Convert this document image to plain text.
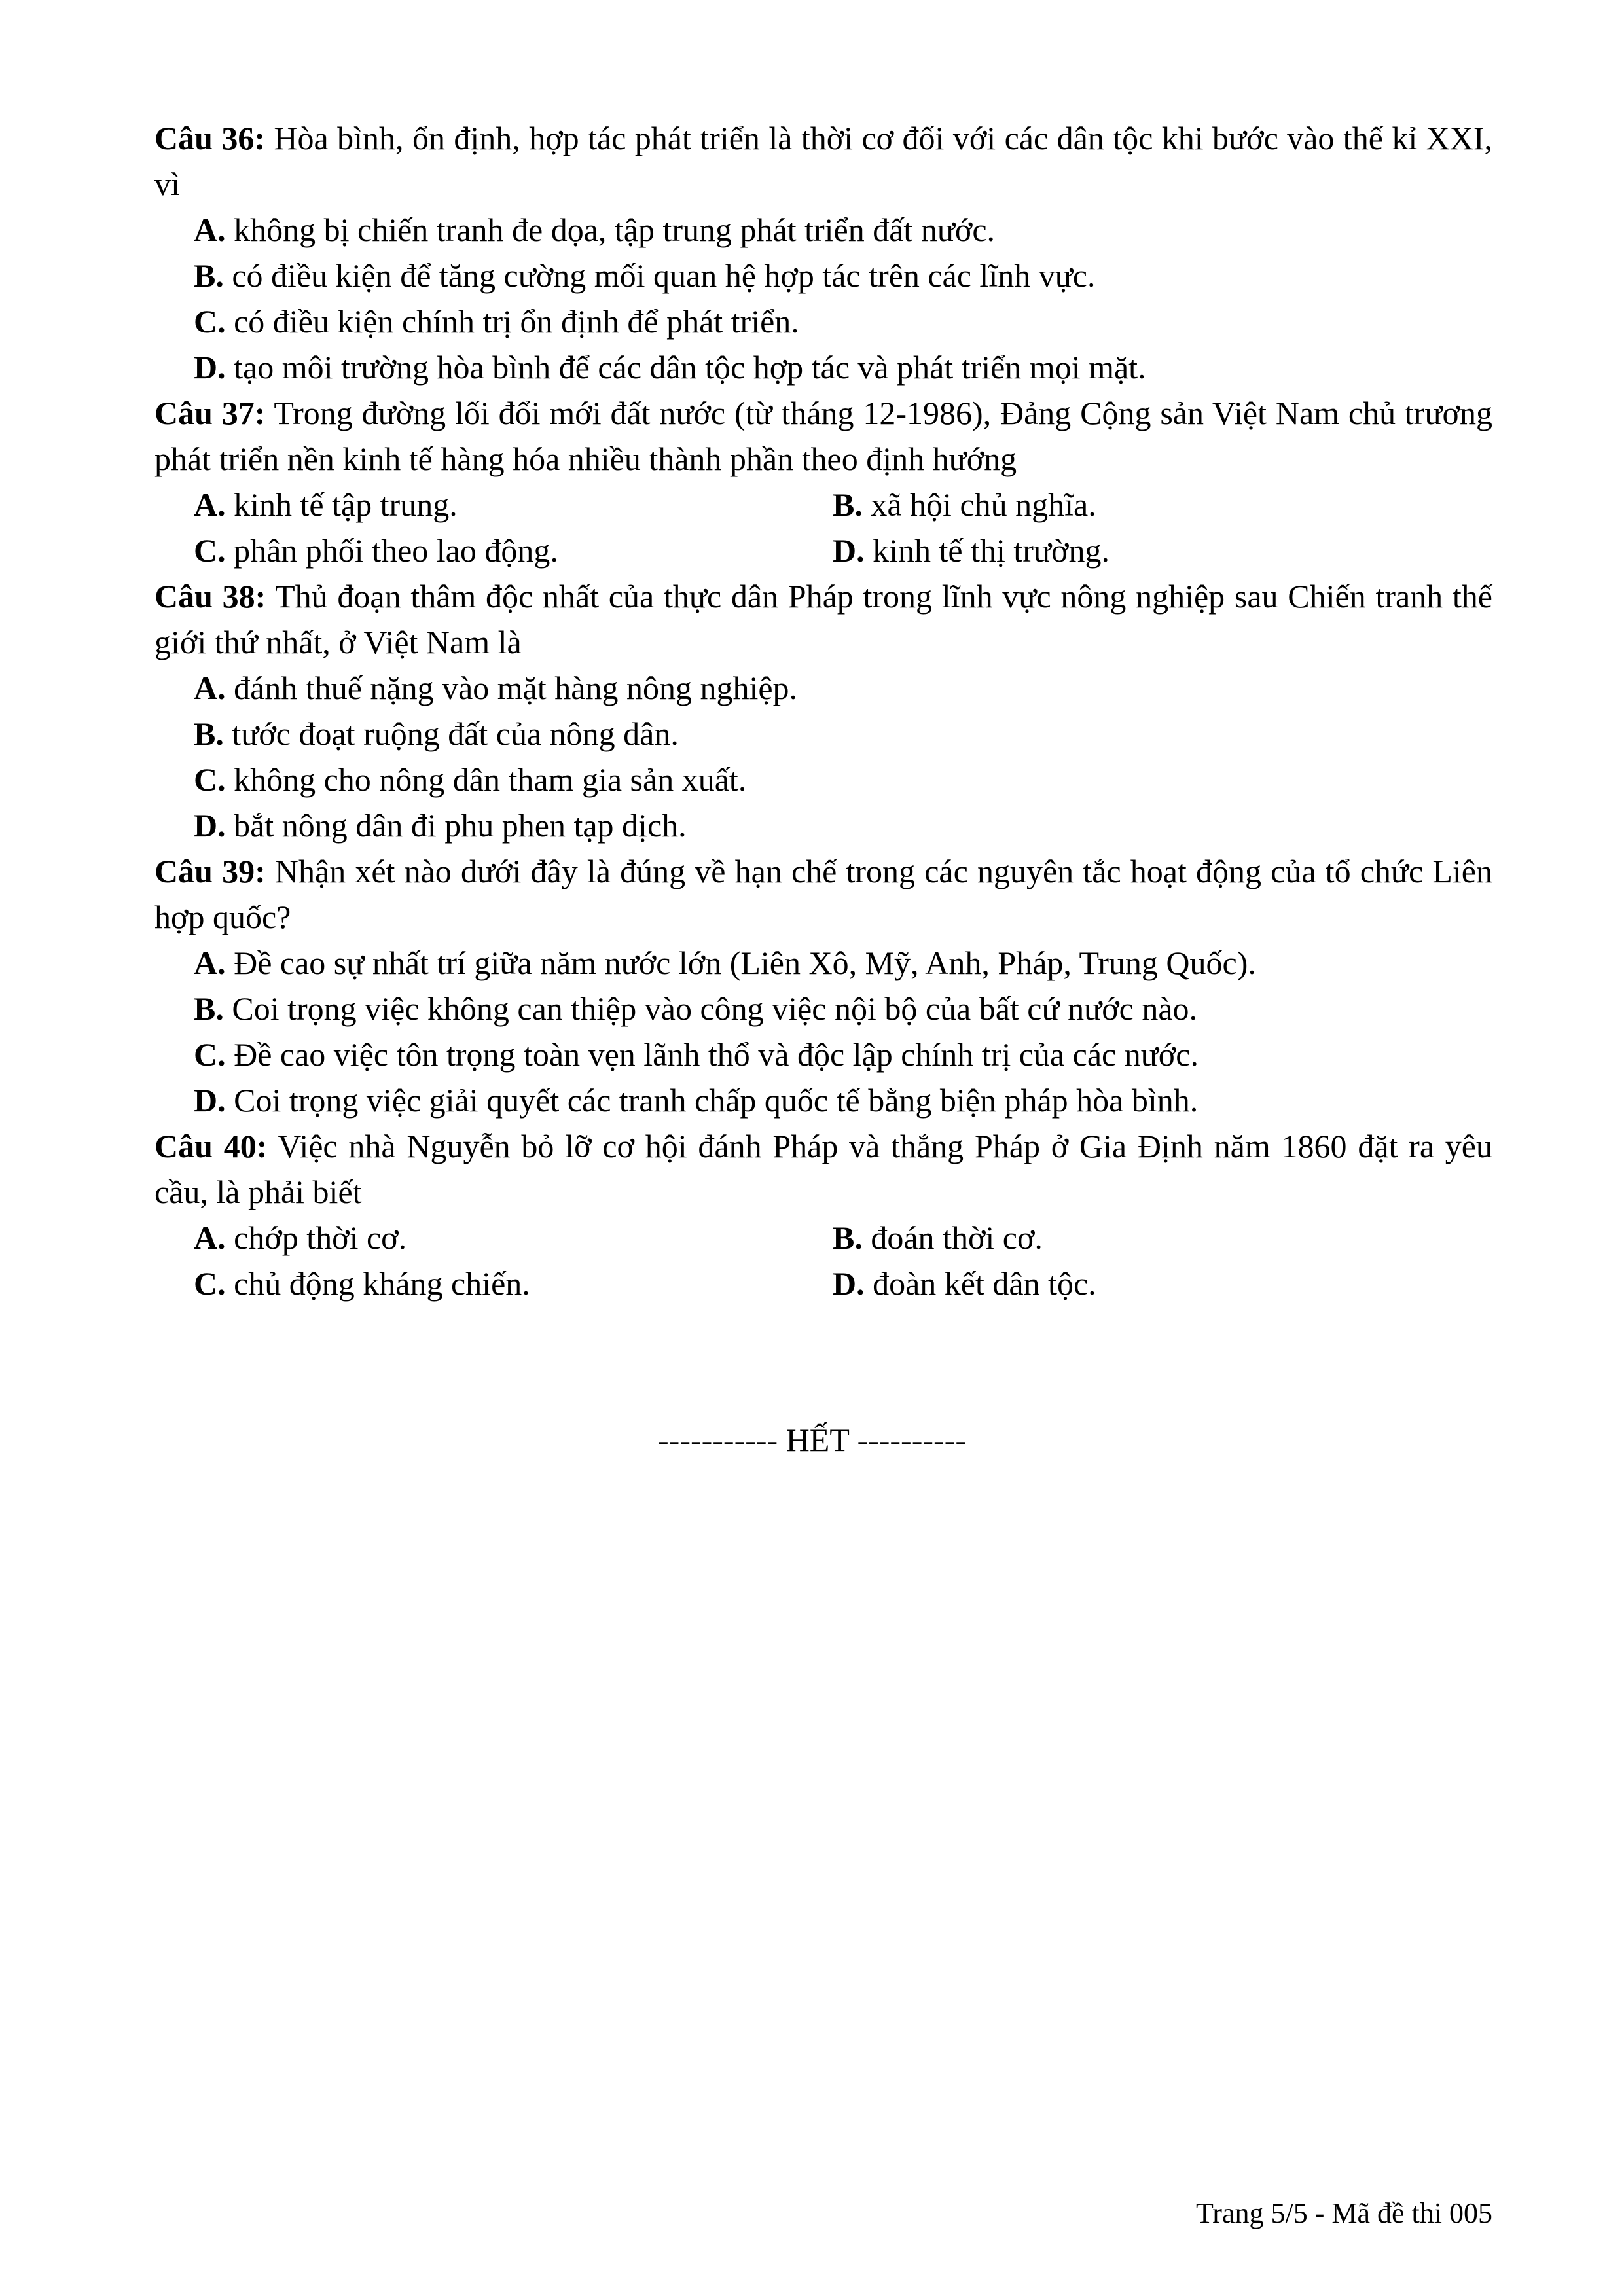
Câu 36: Hòa bình, ổn định, hợp tác phát triển là thời cơ đối với các dân tộc khi bước vào thế kỉ XXI, vì
A. không bị chiến tranh đe dọa, tập trung phát triển đất nước.
B. có điều kiện để tăng cường mối quan hệ hợp tác trên các lĩnh vực.
C. có điều kiện chính trị ổn định để phát triển.
D. tạo môi trường hòa bình để các dân tộc hợp tác và phát triển mọi mặt.
Câu 37: Trong đường lối đổi mới đất nước (từ tháng 12-1986), Đảng Cộng sản Việt Nam chủ trương phát triển nền kinh tế hàng hóa nhiều thành phần theo định hướng
A. kinh tế tập trung.	B. xã hội chủ nghĩa.
C. phân phối theo lao động.	D. kinh tế thị trường.
Câu 38: Thủ đoạn thâm độc nhất của thực dân Pháp trong lĩnh vực nông nghiệp sau Chiến tranh thế giới thứ nhất, ở Việt Nam là
A. đánh thuế nặng vào mặt hàng nông nghiệp.
B. tước đoạt ruộng đất của nông dân.
C. không cho nông dân tham gia sản xuất.
D. bắt nông dân đi phu phen tạp dịch.
Câu 39: Nhận xét nào dưới đây là đúng về hạn chế trong các nguyên tắc hoạt động của tổ chức Liên hợp quốc?
A. Đề cao sự nhất trí giữa năm nước lớn (Liên Xô, Mỹ, Anh, Pháp, Trung Quốc).
B. Coi trọng việc không can thiệp vào công việc nội bộ của bất cứ nước nào.
C. Đề cao việc tôn trọng toàn vẹn lãnh thổ và độc lập chính trị của các nước.
D. Coi trọng việc giải quyết các tranh chấp quốc tế bằng biện pháp hòa bình.
Câu 40: Việc nhà Nguyễn bỏ lỡ cơ hội đánh Pháp và thắng Pháp ở Gia Định năm 1860 đặt ra yêu cầu, là phải biết
A. chớp thời cơ.	B. đoán thời cơ.
C. chủ động kháng chiến.	D. đoàn kết dân tộc.
----------- HẾT ----------
Trang 5/5 - Mã đề thi 005
